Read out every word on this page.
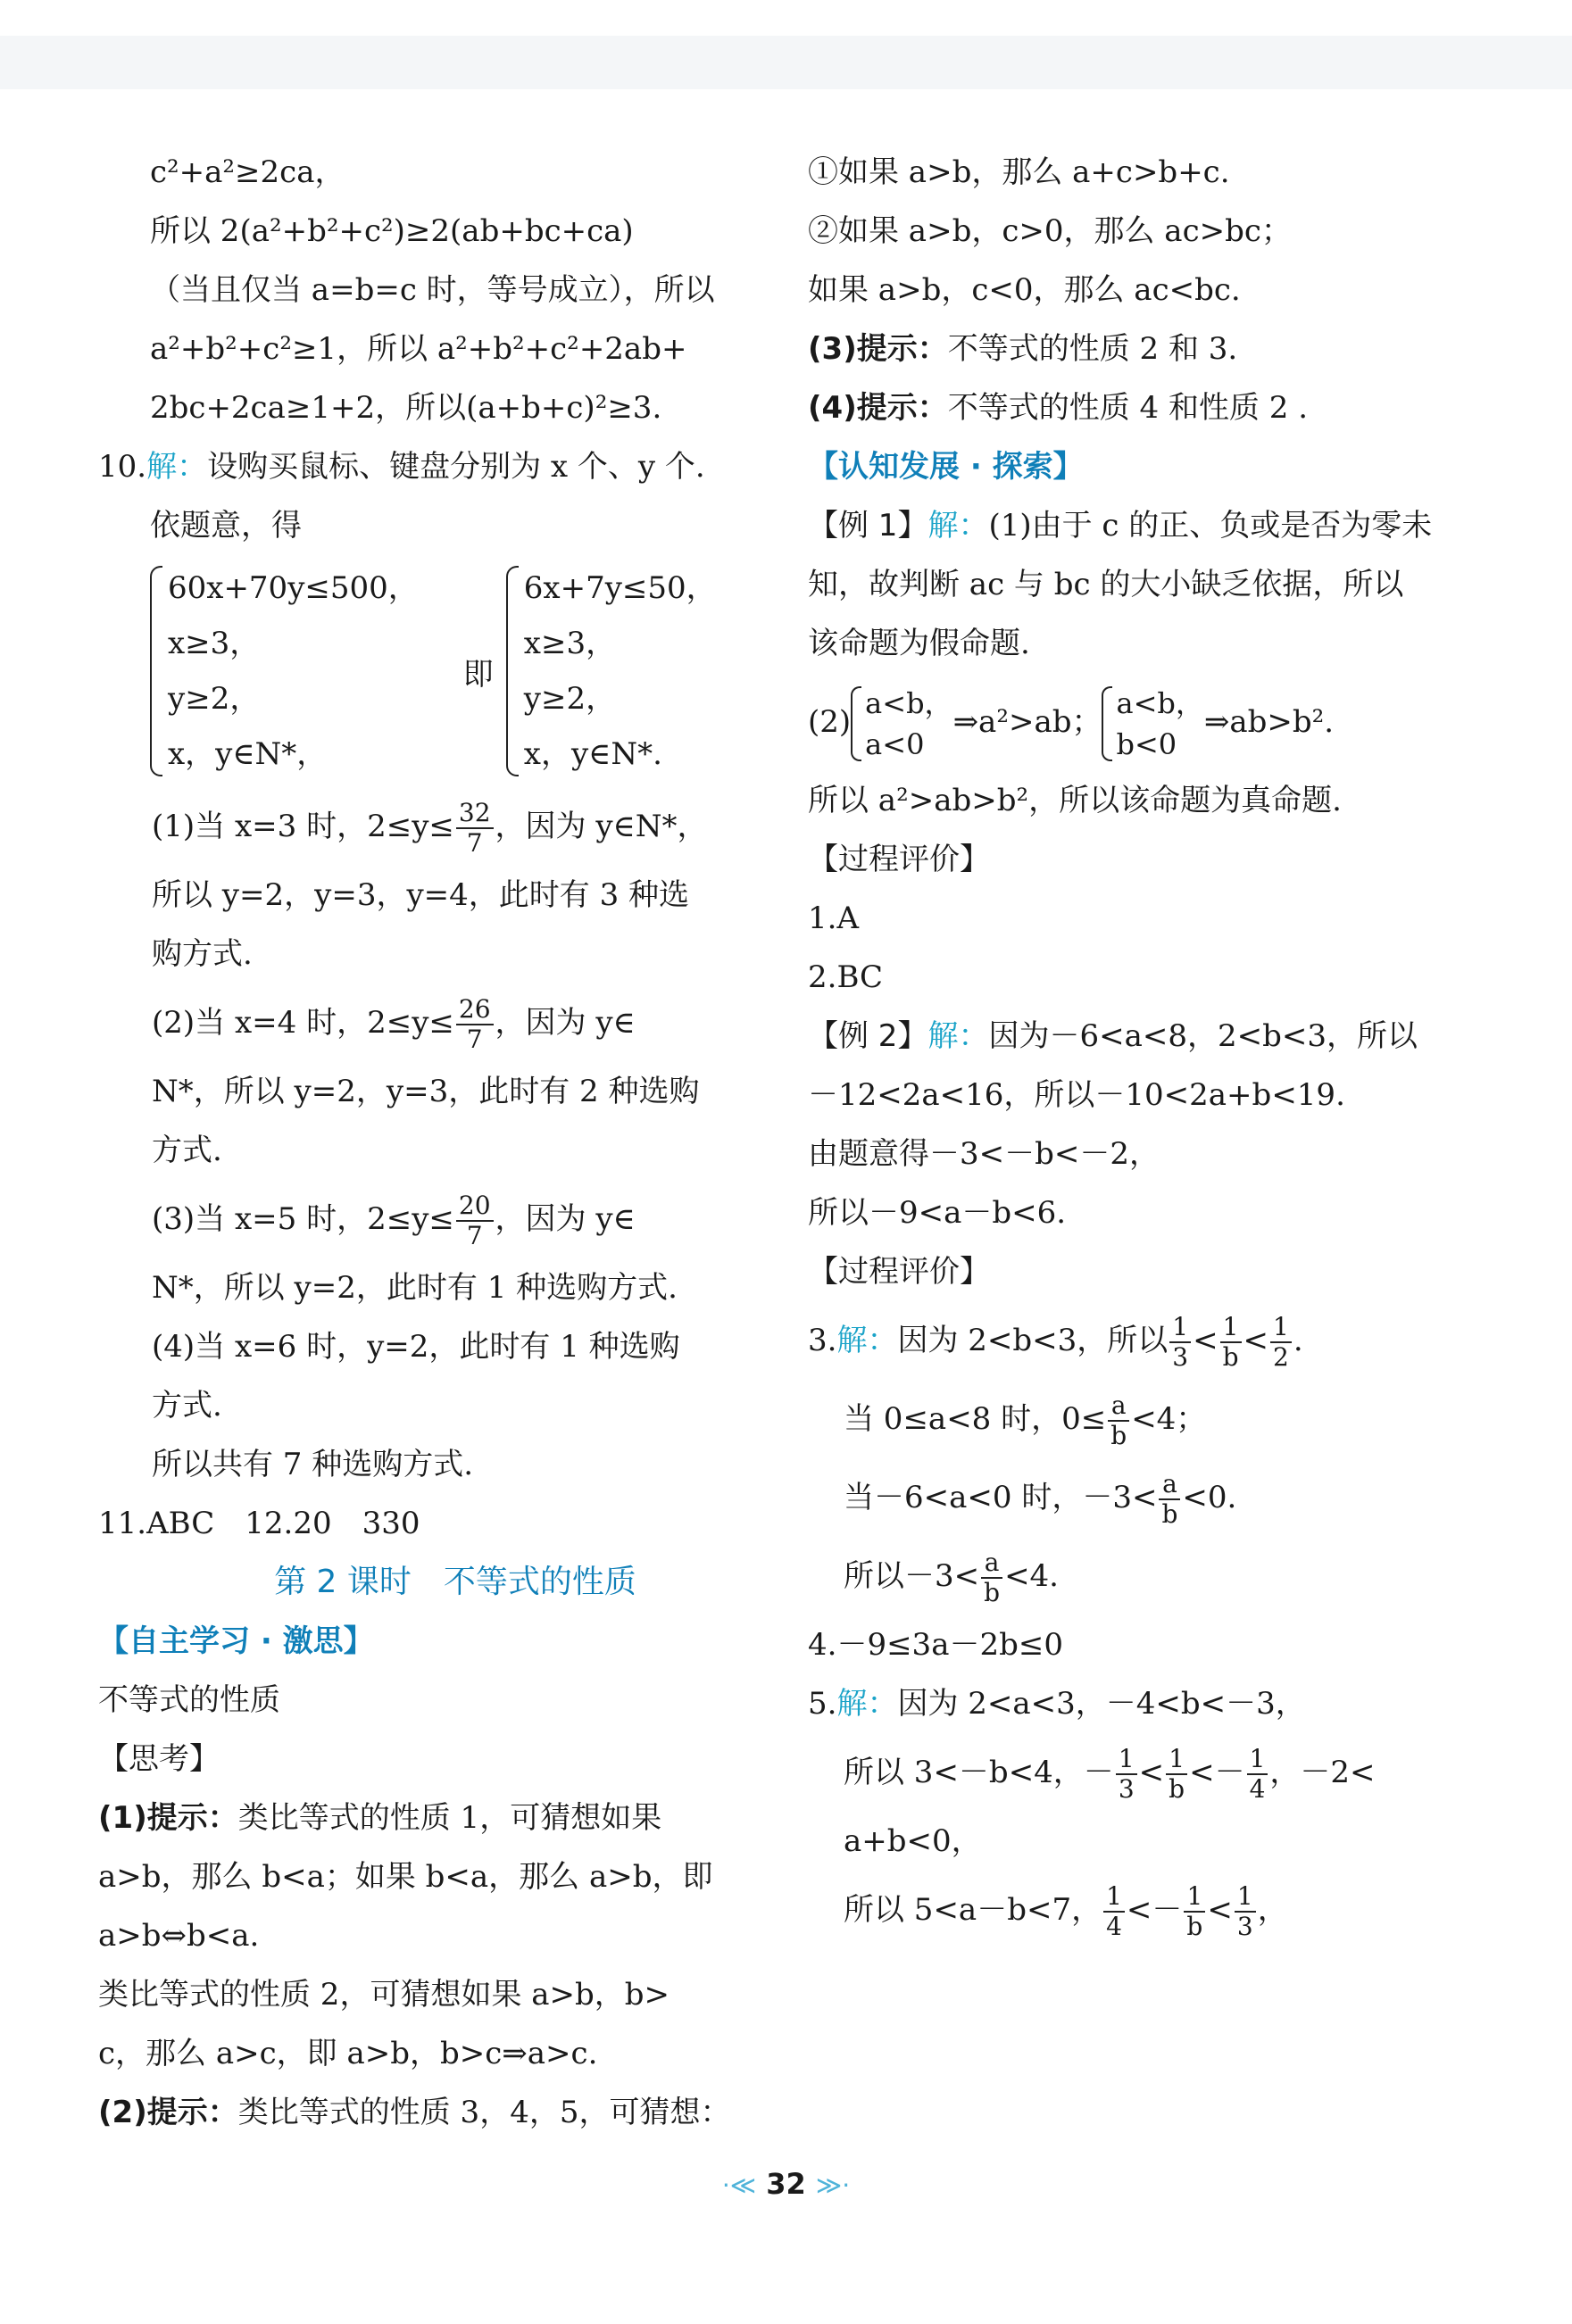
c²+a²≥2ca，
所以 2(a²+b²+c²)≥2(ab+bc+ca)
（当且仅当 a=b=c 时，等号成立），所以
a²+b²+c²≥1，所以 a²+b²+c²+2ab+
2bc+2ca≥1+2，所以(a+b+c)²≥3.
10.解：设购买鼠标、键盘分别为 x 个、y 个.
依题意，得
60x+70y≤500，
x≥3，
y≥2，
x，y∈N*，
即
6x+7y≤50，
x≥3，
y≥2，
x，y∈N*.
(1)当 x=3 时，$2\le y\le \frac{32}{7}$ ，因为 y∈N*，
所以 y=2，y=3，y=4，此时有 3 种选
购方式.
(2)当 x=4 时，$2\le y\le \frac{26}{7}$ ，因为 y∈
N*，所以 y=2，y=3，此时有 2 种选购
方式.
(3)当 x=5 时，$2\le y\le \frac{20}{7}$ ，因为 y∈
N*，所以 y=2，此时有 1 种选购方式.
(4)当 x=6 时，y=2，此时有 1 种选购
方式.
所以共有 7 种选购方式.
11.ABC　12.20　330
第 2 课时　不等式的性质
【自主学习 · 激思】
不等式的性质
【思考】
(1)提示：类比等式的性质 1，可猜想如果
a>b，那么 b<a；如果 b<a，那么 a>b，即
a>b⇔b<a.
类比等式的性质 2，可猜想如果 a>b，b>
c，那么 a>c，即 a>b，b>c⇒a>c.
(2)提示：类比等式的性质 3，4，5，可猜想：
①如果 a>b，那么 a+c>b+c.
②如果 a>b，c>0，那么 ac>bc；
如果 a>b，c<0，那么 ac<bc.
(3)提示：不等式的性质 2 和 3.
(4)提示：不等式的性质 4 和性质 2 .
【认知发展 · 探索】
【例 1】解：(1)由于 c 的正、负或是否为零未
知，故判断 ac 与 bc 的大小缺乏依据，所以
该命题为假命题.
(2)
a<b，
a<0
⇒a²>ab；
a<b，
b<0
⇒ab>b².
所以 a²>ab>b²，所以该命题为真命题.
【过程评价】
1.A
2.BC
【例 2】解：因为－6<a<8，2<b<3，所以
－12<2a<16，所以－10<2a+b<19.
由题意得－3<－b<－2，
所以－9<a－b<6.
【过程评价】
3.解：因为 2<b<3，所以 $\frac{1}{3} < \frac{1}{b} < \frac{1}{2}$ .
当 0≤a<8 时，$0\le \frac{a}{b} <4$；
当－6<a<0 时，$-3< \frac{a}{b} <0$.
所以$-3< \frac{a}{b} <4$.
4.－9≤3a－2b≤0
5.解：因为 2<a<3，－4<b<－3，
所以 3<－b<4，－ $\frac{1}{3} < \frac{1}{b} <- \frac{1}{4}$ ，－2<
a+b<0，
所以 5<a－b<7， $\frac{1}{4} <- \frac{1}{b} < \frac{1}{3}$ ，
·≪ 32 ≫·
